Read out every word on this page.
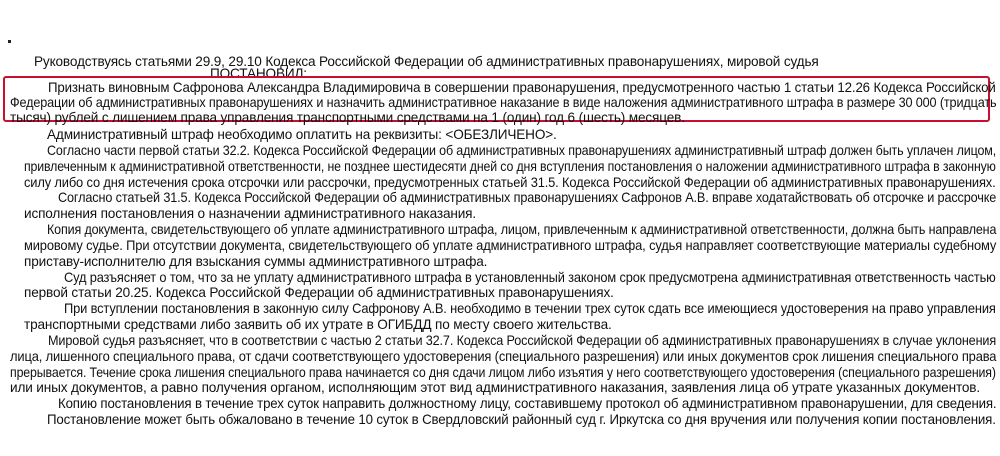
Руководствуясь статьями 29.9, 29.10 Кодекса Российской Федерации об административных правонарушениях, мировой судья
ПОСТАНОВИЛ:
Признать виновным Сафронова Александра Владимировича в совершении правонарушения, предусмотренного частью 1 статьи 12.26 Кодекса Российской
Федерации об административных правонарушениях и назначить административное наказание в виде наложения административного штрафа в размере 30 000 (тридцать
тысяч) рублей с лишением права управления транспортными средствами на 1 (один) год 6 (шесть) месяцев.
Административный штраф необходимо оплатить на реквизиты: <ОБЕЗЛИЧЕНО>.
Согласно части первой статьи 32.2. Кодекса Российской Федерации об административных правонарушениях административный штраф должен быть уплачен лицом,
привлеченным к административной ответственности, не позднее шестидесяти дней со дня вступления постановления о наложении административного штрафа в законную
силу либо со дня истечения срока отсрочки или рассрочки, предусмотренных статьей 31.5. Кодекса Российской Федерации об административных правонарушениях.
Согласно статьей 31.5. Кодекса Российской Федерации об административных правонарушениях Сафронов А.В. вправе ходатайствовать об отсрочке и рассрочке
исполнения постановления о назначении административного наказания.
Копия документа, свидетельствующего об уплате административного штрафа, лицом, привлеченным к административной ответственности, должна быть направлена
мировому судье. При отсутствии документа, свидетельствующего об уплате административного штрафа, судья направляет соответствующие материалы судебному
приставу-исполнителю для взыскания суммы административного штрафа.
Суд разъясняет о том, что за не уплату административного штрафа в установленный законом срок предусмотрена административная ответственность частью
первой статьи 20.25. Кодекса Российской Федерации об административных правонарушениях.
При вступлении постановления в законную силу Сафронову А.В. необходимо в течении трех суток сдать все имеющиеся удостоверения на право управления
транспортными средствами либо заявить об их утрате в ОГИБДД по месту своего жительства.
Мировой судья разъясняет, что в соответствии с частью 2 статьи 32.7. Кодекса Российской Федерации об административных правонарушениях в случае уклонения
лица, лишенного специального права, от сдачи соответствующего удостоверения (специального разрешения) или иных документов срок лишения специального права
прерывается. Течение срока лишения специального права начинается со дня сдачи лицом либо изъятия у него соответствующего удостоверения (специального разрешения)
или иных документов, а равно получения органом, исполняющим этот вид административного наказания, заявления лица об утрате указанных документов.
Копию постановления в течение трех суток направить должностному лицу, составившему протокол об административном правонарушении, для сведения.
Постановление может быть обжаловано в течение 10 суток в Свердловский районный суд г. Иркутска со дня вручения или получения копии постановления.
